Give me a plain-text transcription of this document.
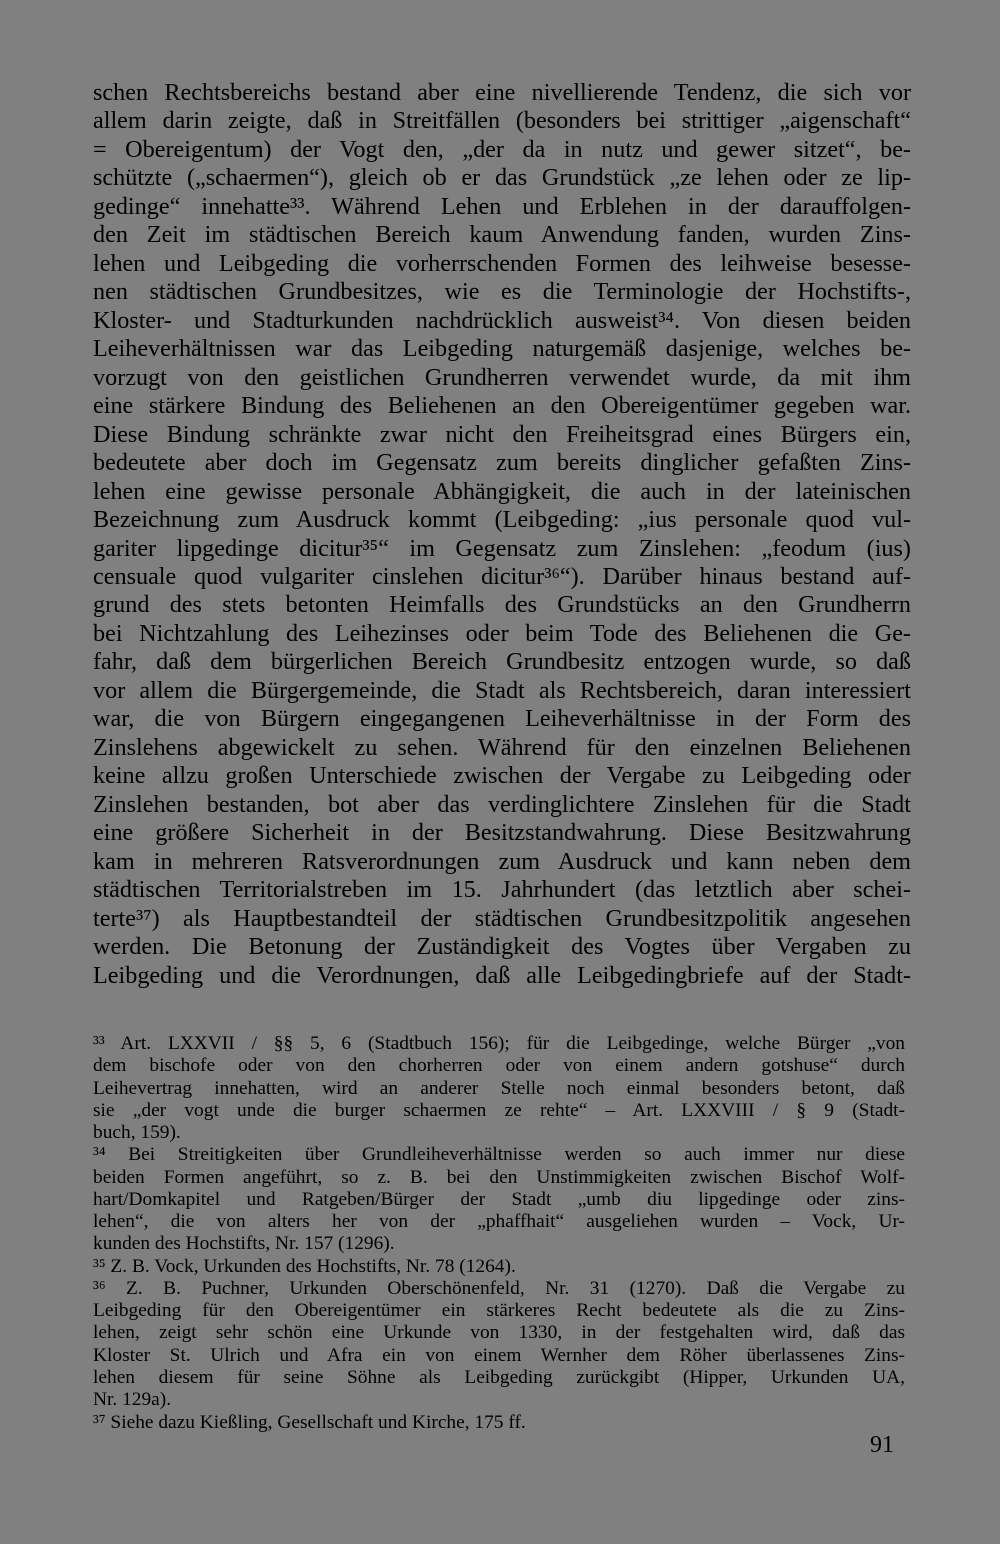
schen Rechtsbereichs bestand aber eine nivellierende Tendenz, die sich vor
allem darin zeigte, daß in Streitfällen (besonders bei strittiger „aigenschaft“
= Obereigentum) der Vogt den, „der da in nutz und gewer sitzet“, be-
schützte („schaermen“), gleich ob er das Grundstück „ze lehen oder ze lip-
gedinge“ innehatte³³. Während Lehen und Erblehen in der darauffolgen-
den Zeit im städtischen Bereich kaum Anwendung fanden, wurden Zins-
lehen und Leibgeding die vorherrschenden Formen des leihweise besesse-
nen städtischen Grundbesitzes, wie es die Terminologie der Hochstifts-,
Kloster- und Stadturkunden nachdrücklich ausweist³⁴. Von diesen beiden
Leiheverhältnissen war das Leibgeding naturgemäß dasjenige, welches be-
vorzugt von den geistlichen Grundherren verwendet wurde, da mit ihm
eine stärkere Bindung des Beliehenen an den Obereigentümer gegeben war.
Diese Bindung schränkte zwar nicht den Freiheitsgrad eines Bürgers ein,
bedeutete aber doch im Gegensatz zum bereits dinglicher gefaßten Zins-
lehen eine gewisse personale Abhängigkeit, die auch in der lateinischen
Bezeichnung zum Ausdruck kommt (Leibgeding: „ius personale quod vul-
gariter lipgedinge dicitur³⁵“ im Gegensatz zum Zinslehen: „feodum (ius)
censuale quod vulgariter cinslehen dicitur³⁶“). Darüber hinaus bestand auf-
grund des stets betonten Heimfalls des Grundstücks an den Grundherrn
bei Nichtzahlung des Leihezinses oder beim Tode des Beliehenen die Ge-
fahr, daß dem bürgerlichen Bereich Grundbesitz entzogen wurde, so daß
vor allem die Bürgergemeinde, die Stadt als Rechtsbereich, daran interessiert
war, die von Bürgern eingegangenen Leiheverhältnisse in der Form des
Zinslehens abgewickelt zu sehen. Während für den einzelnen Beliehenen
keine allzu großen Unterschiede zwischen der Vergabe zu Leibgeding oder
Zinslehen bestanden, bot aber das verdinglichtere Zinslehen für die Stadt
eine größere Sicherheit in der Besitzstandwahrung. Diese Besitzwahrung
kam in mehreren Ratsverordnungen zum Ausdruck und kann neben dem
städtischen Territorialstreben im 15. Jahrhundert (das letztlich aber schei-
terte³⁷) als Hauptbestandteil der städtischen Grundbesitzpolitik angesehen
werden. Die Betonung der Zuständigkeit des Vogtes über Vergaben zu
Leibgeding und die Verordnungen, daß alle Leibgedingbriefe auf der Stadt-
³³ Art. LXXVII / §§ 5, 6 (Stadtbuch 156); für die Leibgedinge, welche Bürger „von
dem bischofe oder von den chorherren oder von einem andern gotshuse“ durch
Leihevertrag innehatten, wird an anderer Stelle noch einmal besonders betont, daß
sie „der vogt unde die burger schaermen ze rehte“ – Art. LXXVIII / § 9 (Stadt-
buch, 159).
³⁴ Bei Streitigkeiten über Grundleiheverhältnisse werden so auch immer nur diese
beiden Formen angeführt, so z. B. bei den Unstimmigkeiten zwischen Bischof Wolf-
hart/Domkapitel und Ratgeben/Bürger der Stadt „umb diu lipgedinge oder zins-
lehen“, die von alters her von der „phaffhait“ ausgeliehen wurden – Vock, Ur-
kunden des Hochstifts, Nr. 157 (1296).
³⁵ Z. B. Vock, Urkunden des Hochstifts, Nr. 78 (1264).
³⁶ Z. B. Puchner, Urkunden Oberschönenfeld, Nr. 31 (1270). Daß die Vergabe zu
Leibgeding für den Obereigentümer ein stärkeres Recht bedeutete als die zu Zins-
lehen, zeigt sehr schön eine Urkunde von 1330, in der festgehalten wird, daß das
Kloster St. Ulrich und Afra ein von einem Wernher dem Röher überlassenes Zins-
lehen diesem für seine Söhne als Leibgeding zurückgibt (Hipper, Urkunden UA,
Nr. 129a).
³⁷ Siehe dazu Kießling, Gesellschaft und Kirche, 175 ff.
91
